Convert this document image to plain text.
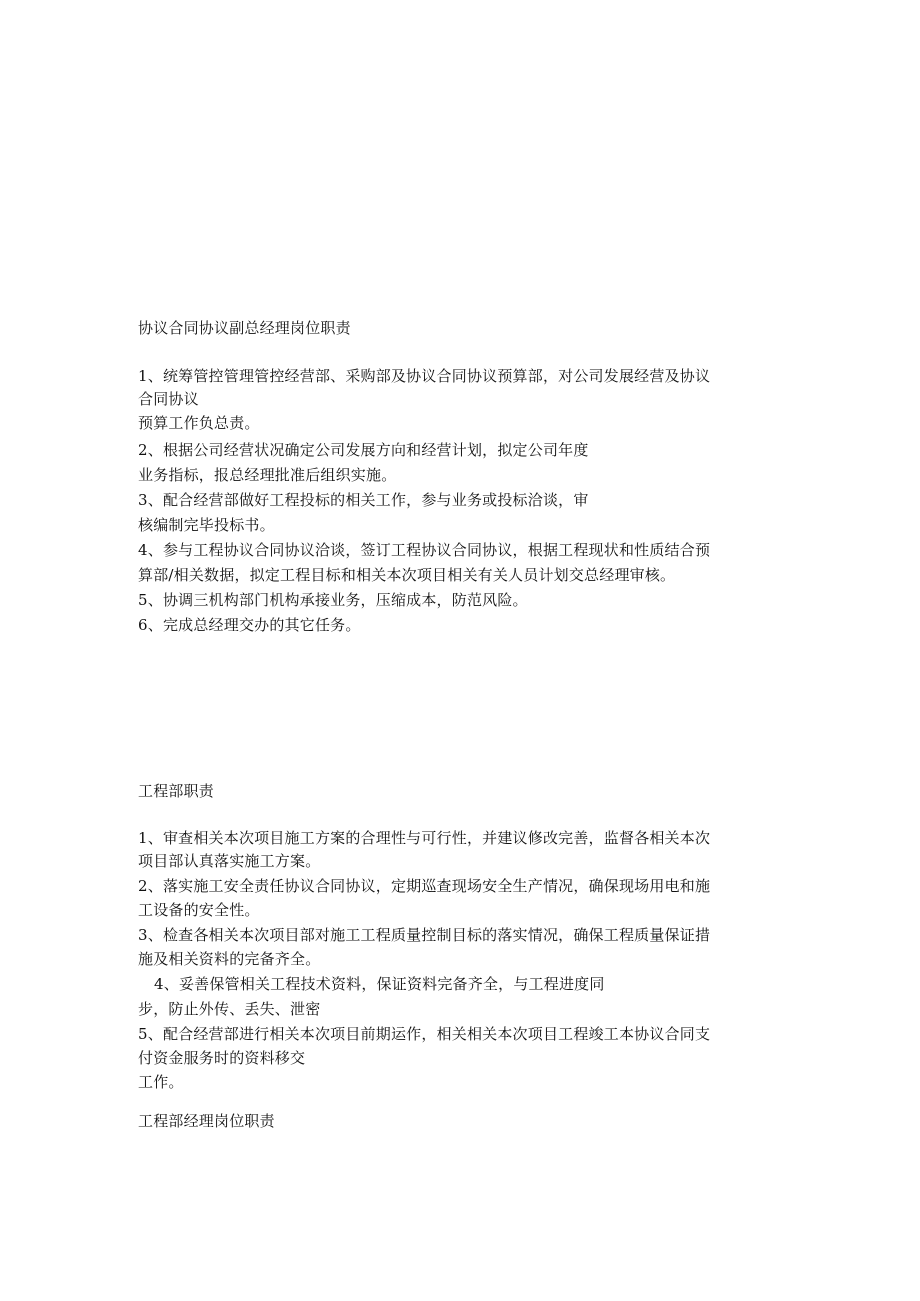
协议合同协议副总经理岗位职责
1、统筹管控管理管控经营部、采购部及协议合同协议预算部，对公司发展经营及协议
合同协议
预算工作负总责。
2、根据公司经营状况确定公司发展方向和经营计划，拟定公司年度
业务指标，报总经理批准后组织实施。
3、配合经营部做好工程投标的相关工作，参与业务或投标洽谈，审
核编制完毕投标书。
4、参与工程协议合同协议洽谈，签订工程协议合同协议，根据工程现状和性质结合预
算部/相关数据，拟定工程目标和相关本次项目相关有关人员计划交总经理审核。
5、协调三机构部门机构承接业务，压缩成本，防范风险。
6、完成总经理交办的其它任务。
工程部职责
1、审查相关本次项目施工方案的合理性与可行性，并建议修改完善，监督各相关本次
项目部认真落实施工方案。
2、落实施工安全责任协议合同协议，定期巡查现场安全生产情况，确保现场用电和施
工设备的安全性。
3、检查各相关本次项目部对施工工程质量控制目标的落实情况，确保工程质量保证措
施及相关资料的完备齐全。
4、妥善保管相关工程技术资料，保证资料完备齐全，与工程进度同
步，防止外传、丢失、泄密
5、配合经营部进行相关本次项目前期运作，相关相关本次项目工程竣工本协议合同支
付资金服务时的资料移交
工作。
工程部经理岗位职责
